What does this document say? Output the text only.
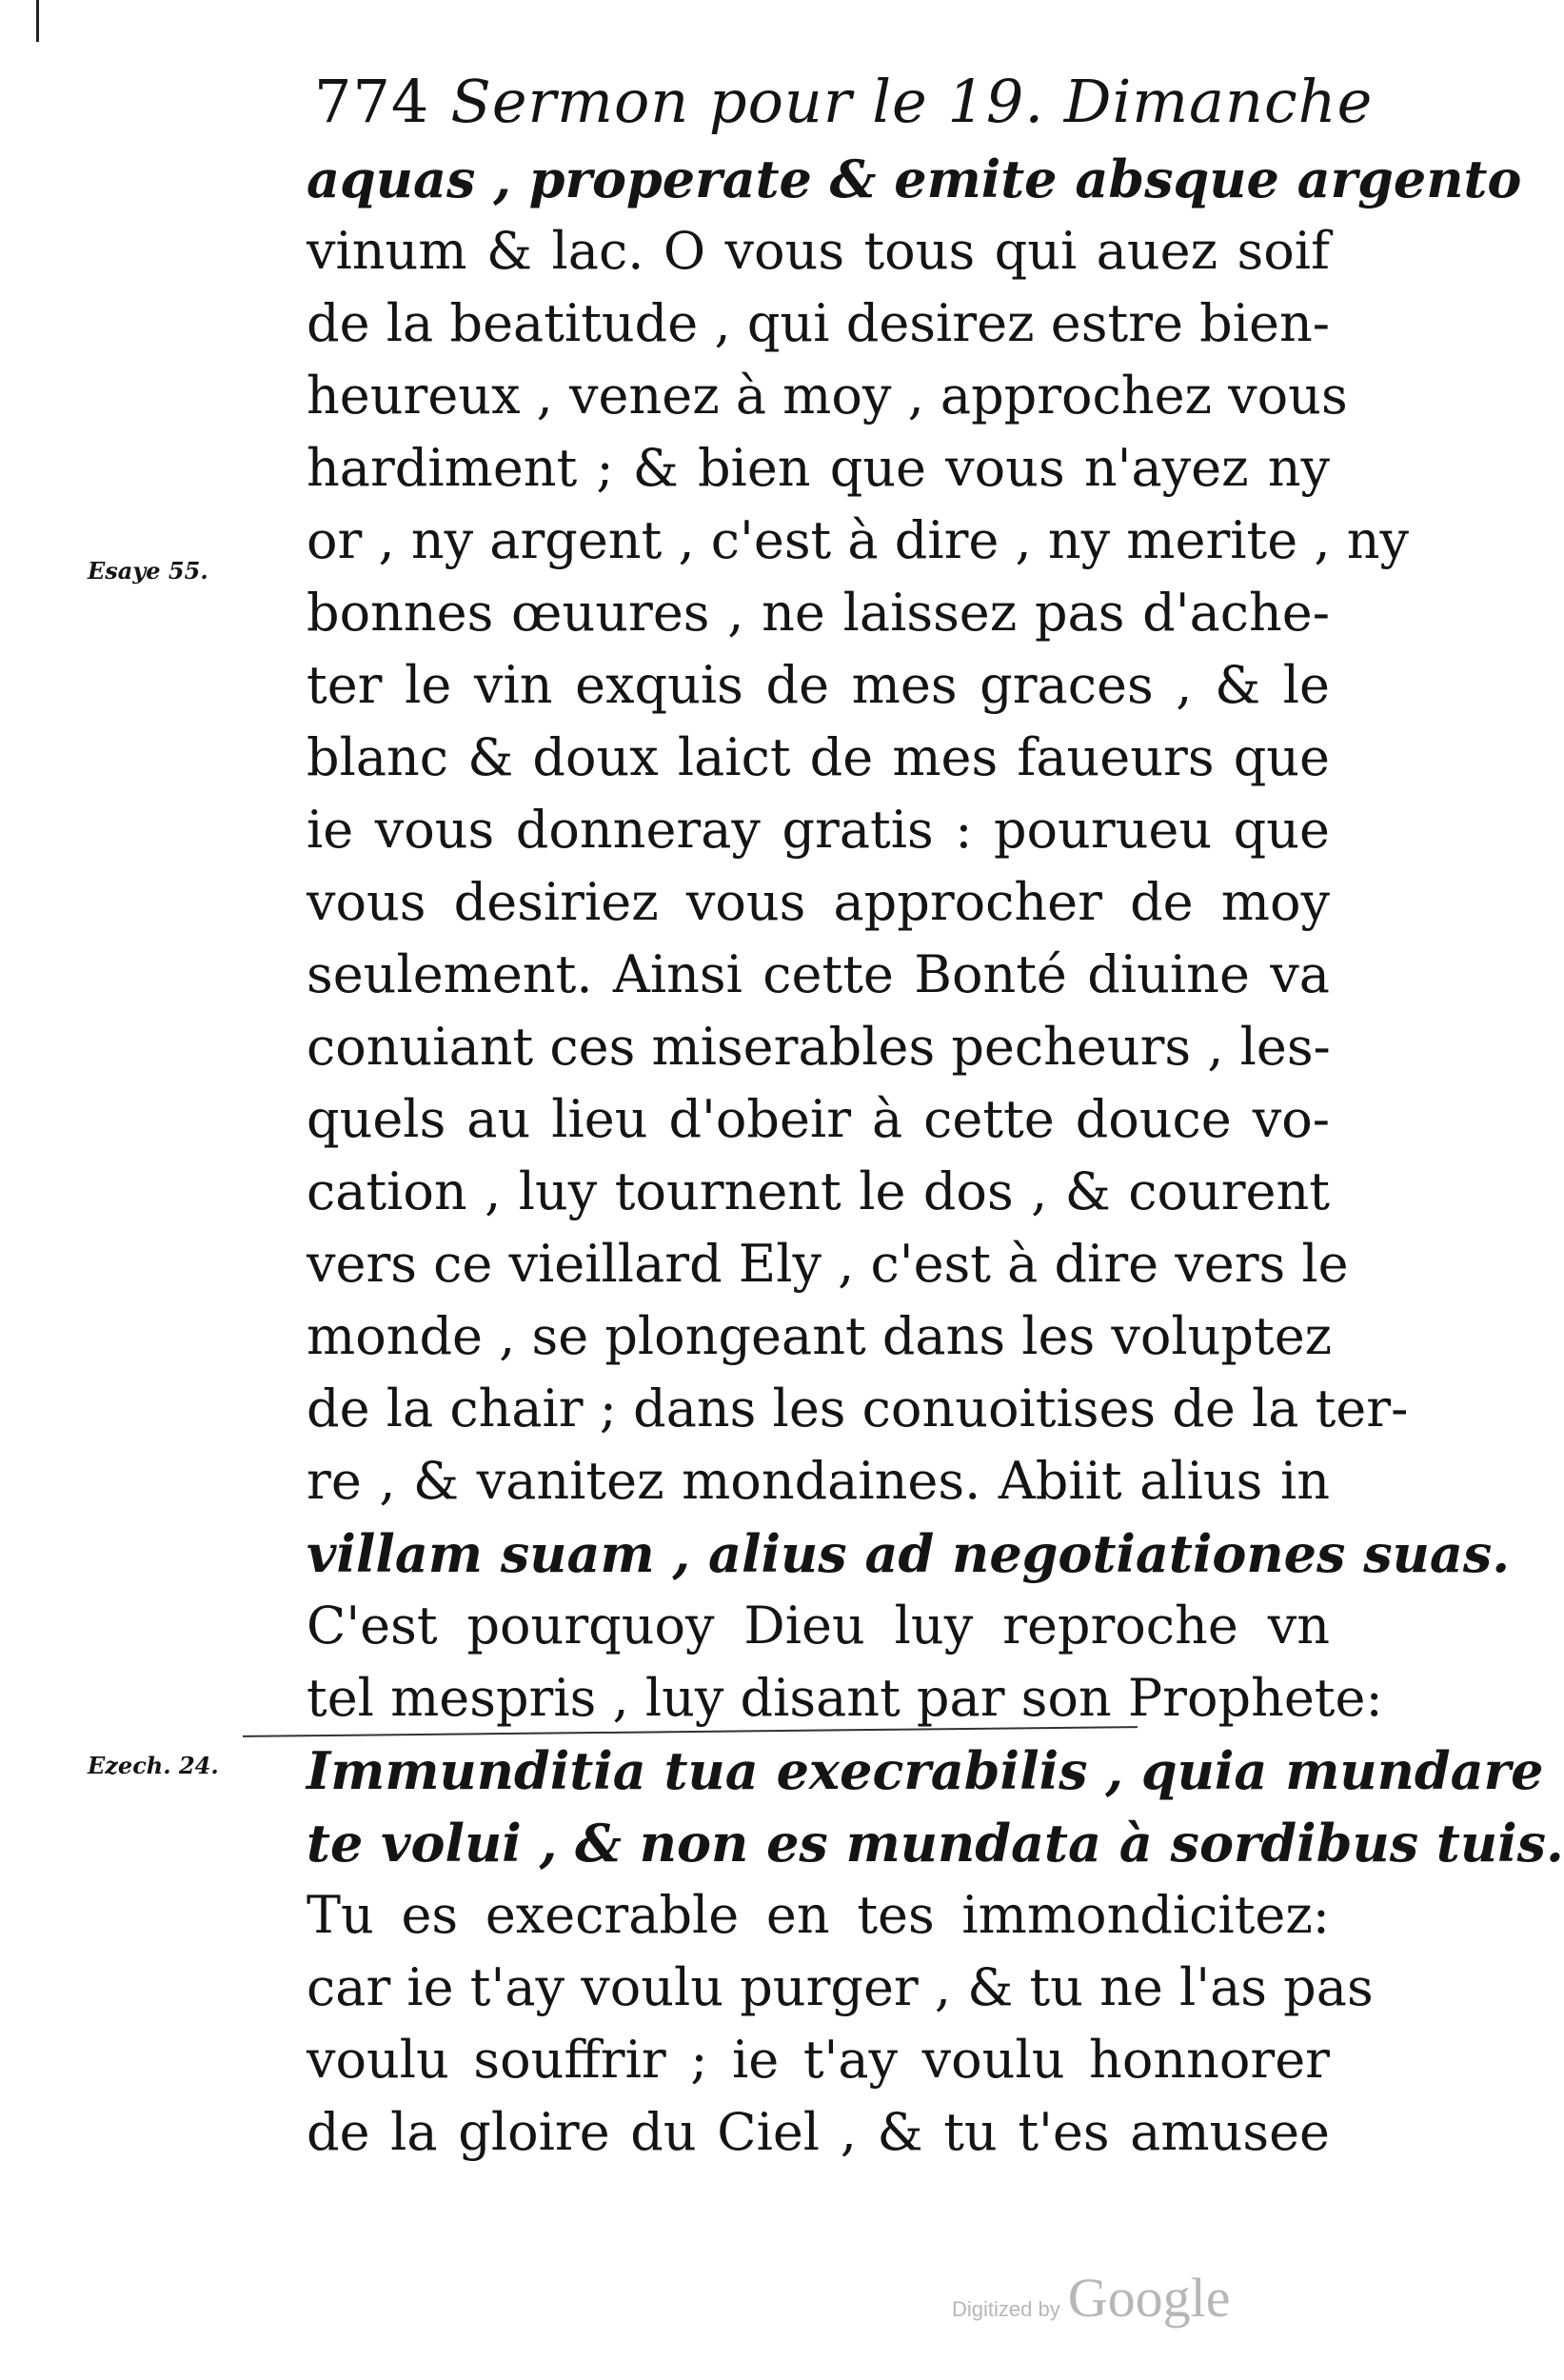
774 Sermon pour le 19. Dimanche
Esaye 55.
Ezech. 24.
aquas , properate & emite absque argento
vinum & lac. O vous tous qui auez soif
de la beatitude , qui desirez estre bien-
heureux , venez à moy , approchez vous
hardiment ; & bien que vous n'ayez ny
or , ny argent , c'est à dire , ny merite , ny
bonnes œuures , ne laissez pas d'ache-
ter le vin exquis de mes graces , & le
blanc & doux laict de mes faueurs que
ie vous donneray gratis : pourueu que
vous desiriez vous approcher de moy
seulement. Ainsi cette Bonté diuine va
conuiant ces miserables pecheurs , les-
quels au lieu d'obeir à cette douce vo-
cation , luy tournent le dos , & courent
vers ce vieillard Ely , c'est à dire vers le
monde , se plongeant dans les voluptez
de la chair ; dans les conuoitises de la ter-
re , & vanitez mondaines. Abiit alius in
villam suam , alius ad negotiationes suas.
C'est pourquoy Dieu luy reproche vn
tel mespris , luy disant par son Prophete:
Immunditia tua execrabilis , quia mundare
te volui , & non es mundata à sordibus tuis.
Tu es execrable en tes immondicitez:
car ie t'ay voulu purger , & tu ne l'as pas
voulu souffrir ; ie t'ay voulu honnorer
de la gloire du Ciel , & tu t'es amusee
Digitized by Google
